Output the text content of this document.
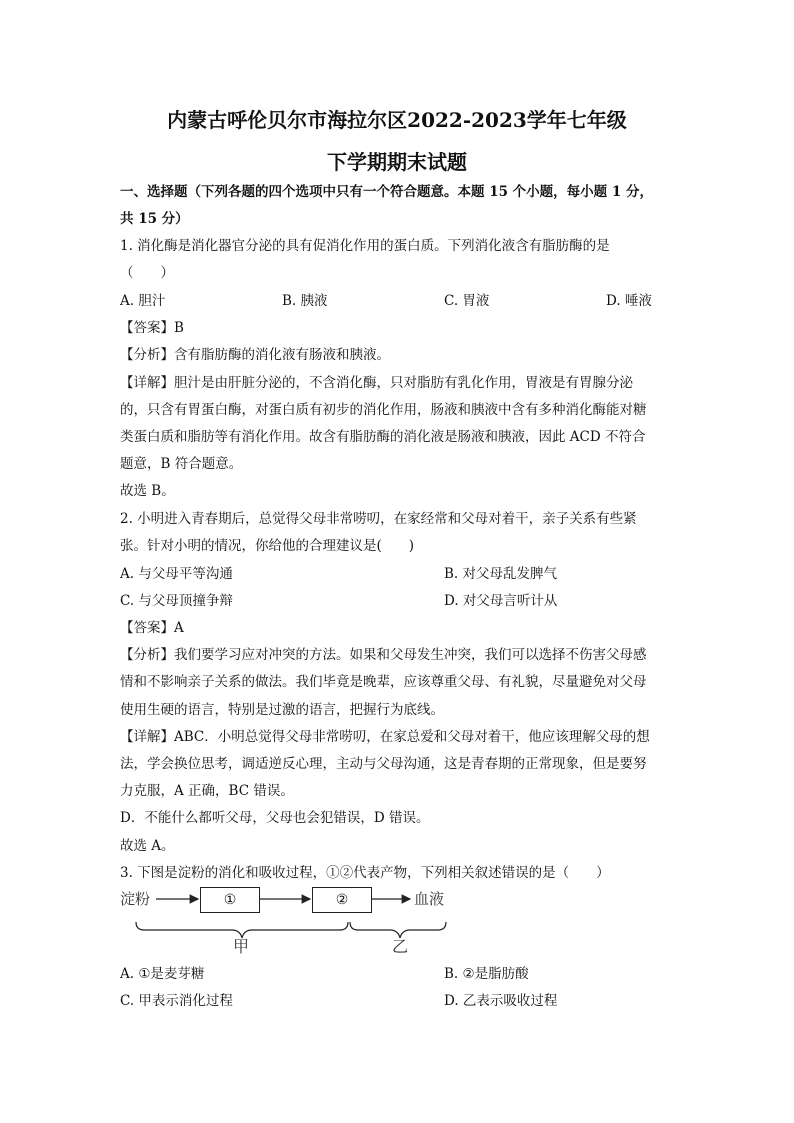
内蒙古呼伦贝尔市海拉尔区2022-2023学年七年级
下学期期末试题
一、选择题（下列各题的四个选项中只有一个符合题意。本题 15 个小题，每小题 1 分，
共 15 分）
1. 消化酶是消化器官分泌的具有促消化作用的蛋白质。下列消化液含有脂肪酶的是
（　　）
A. 胆汁	B. 胰液	C. 胃液	D. 唾液
【答案】B
【分析】含有脂肪酶的消化液有肠液和胰液。
【详解】胆汁是由肝脏分泌的，不含消化酶，只对脂肪有乳化作用，胃液是有胃腺分泌
的，只含有胃蛋白酶，对蛋白质有初步的消化作用，肠液和胰液中含有多种消化酶能对糖
类蛋白质和脂肪等有消化作用。故含有脂肪酶的消化液是肠液和胰液，因此 ACD 不符合
题意，B 符合题意。
故选 B。
2. 小明进入青春期后，总觉得父母非常唠叨，在家经常和父母对着干，亲子关系有些紧
张。针对小明的情况，你给他的合理建议是(　　)
A. 与父母平等沟通	B. 对父母乱发脾气
C. 与父母顶撞争辩	D. 对父母言听计从
【答案】A
【分析】我们要学习应对冲突的方法。如果和父母发生冲突，我们可以选择不伤害父母感
情和不影响亲子关系的做法。我们毕竟是晚辈，应该尊重父母、有礼貌，尽量避免对父母
使用生硬的语言，特别是过激的语言，把握行为底线。
【详解】ABC．小明总觉得父母非常唠叨，在家总爱和父母对着干，他应该理解父母的想
法，学会换位思考，调适逆反心理，主动与父母沟通，这是青春期的正常现象，但是要努
力克服，A 正确，BC 错误。
D．不能什么都听父母，父母也会犯错误，D 错误。
故选 A。
3. 下图是淀粉的消化和吸收过程，①②代表产物，下列相关叙述错误的是（　　）
淀粉	①	②	血液
甲	乙
A. ①是麦芽糖	B. ②是脂肪酸
C. 甲表示消化过程	D. 乙表示吸收过程
